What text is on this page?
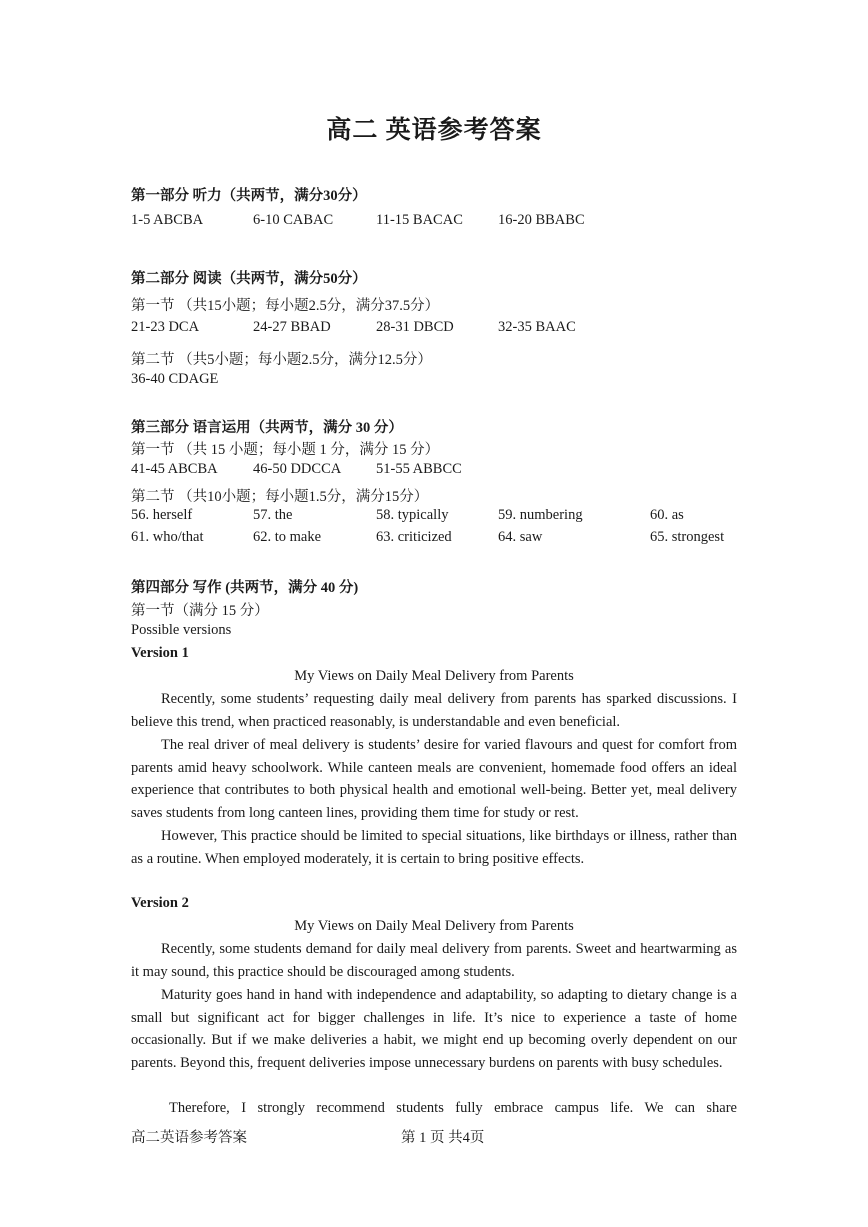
高二 英语参考答案
第一部分 听力（共两节，满分30分）
1-5 ABCBA	6-10 CABAC	11-15 BACAC 16-20 BBABC
第二部分 阅读（共两节，满分50分）
第一节 （共15小题；每小题2.5分，满分37.5分）
21-23 DCA	24-27 BBAD	28-31 DBCD	32-35 BAAC
第二节 （共5小题；每小题2.5分，满分12.5分）
36-40 CDAGE
第三部分 语言运用（共两节，满分 30 分）
第一节 （共 15 小题；每小题 1 分，满分 15 分）
41-45 ABCBA 46-50 DDCCA 51-55 ABBCC
第二节 （共10小题；每小题1.5分，满分15分）
56. herself	57. the	58. typically	59. numbering	60. as
61. who/that	62. to make	63. criticized	64. saw	65. strongest
第四部分 写作 (共两节，满分 40 分)
第一节（满分 15 分）
Possible versions
Version 1
My Views on Daily Meal Delivery from Parents
Recently, some students’ requesting daily meal delivery from parents has sparked discussions. I believe this trend, when practiced reasonably, is understandable and even beneficial.
The real driver of meal delivery is students’ desire for varied flavours and quest for comfort from parents amid heavy schoolwork. While canteen meals are convenient, homemade food offers an ideal experience that contributes to both physical health and emotional well-being. Better yet, meal delivery saves students from long canteen lines, providing them time for study or rest.
However, This practice should be limited to special situations, like birthdays or illness, rather than as a routine. When employed moderately, it is certain to bring positive effects.
Version 2
My Views on Daily Meal Delivery from Parents
Recently, some students demand for daily meal delivery from parents. Sweet and heartwarming as it may sound, this practice should be discouraged among students.
Maturity goes hand in hand with independence and adaptability, so adapting to dietary change is a small but significant act for bigger challenges in life. It’s nice to experience a taste of home occasionally. But if we make deliveries a habit, we might end up becoming overly dependent on our parents. Beyond this, frequent deliveries impose unnecessary burdens on parents with busy schedules.
Therefore, I strongly recommend students fully embrace campus life. We can share
高二英语参考答案	第 1 页 共4页
